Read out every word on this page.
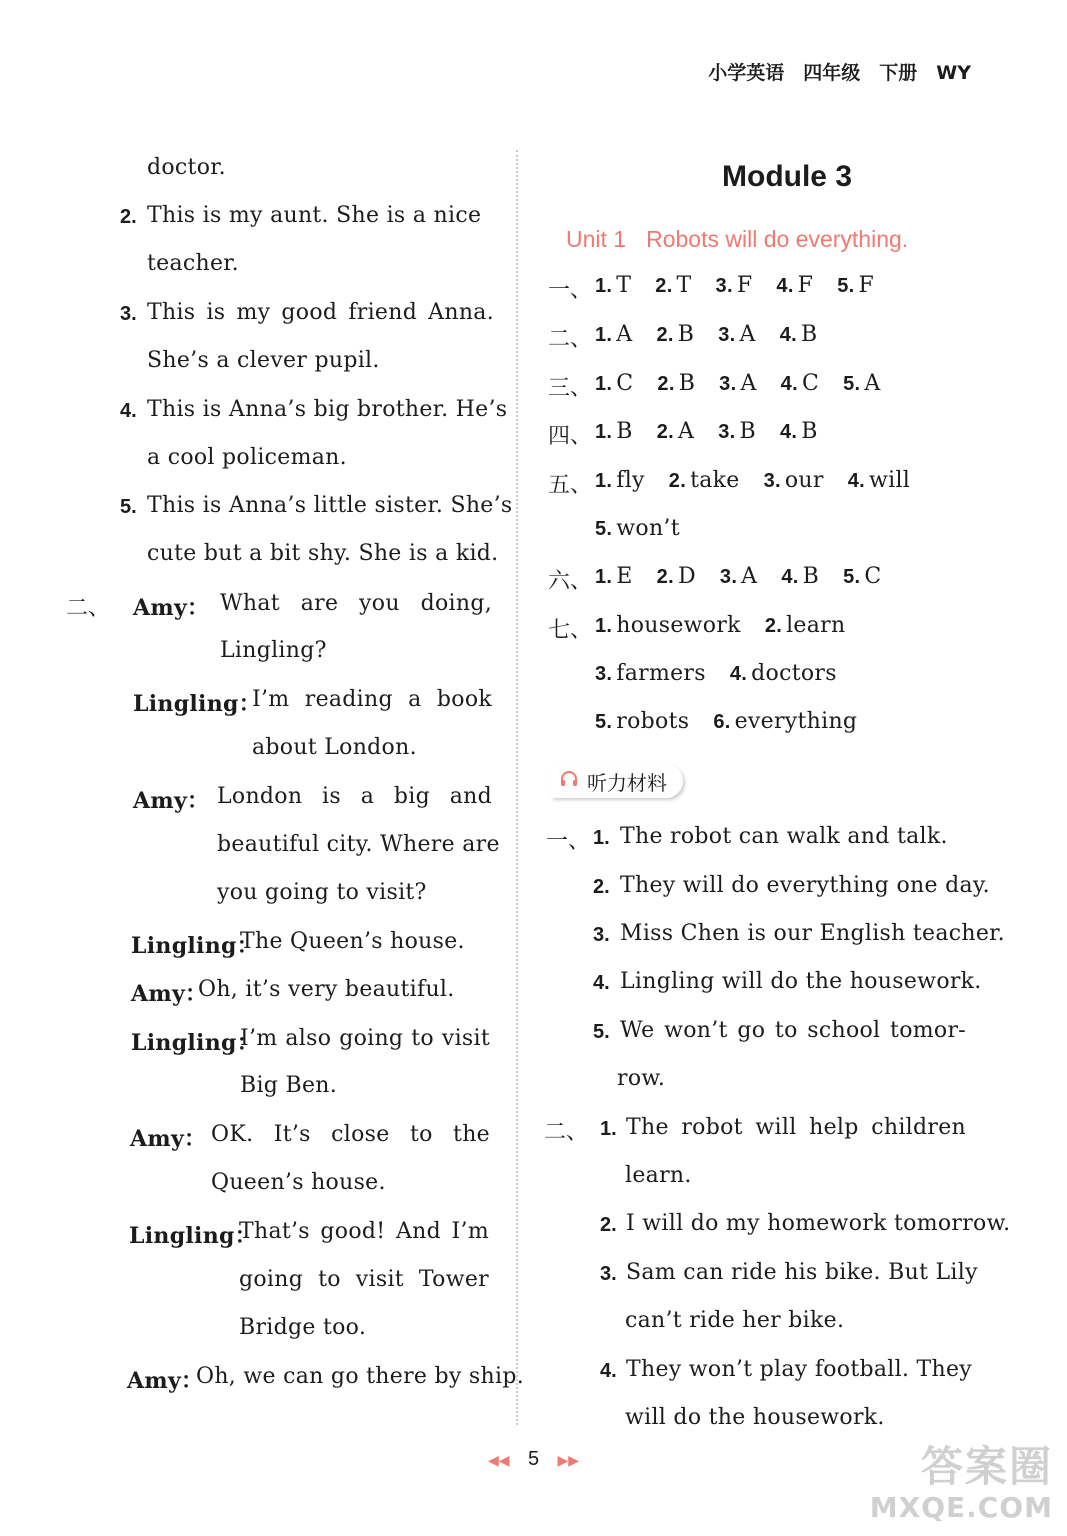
小学英语　四年级　下册　WY
doctor.
2. This is my aunt. She is a nice
teacher.
3. This is my good friend Anna.
She’s a clever pupil.
4. This is Anna’s big brother. He’s
a cool policeman.
5. This is Anna’s little sister. She’s
cute but a bit shy. She is a kid.
二、 Amy： What are you doing,
Lingling?
Lingling：
I’m reading a book
about London.
Amy： London is a big and
beautiful city. Where are
you going to visit?
Lingling：
The Queen’s house.
Amy：
Oh, it’s very beautiful.
Lingling：
I’m also going to visit
Big Ben.
Amy： OK. It’s close to the
Queen’s house.
Lingling：
That’s good! And I’m
going to visit Tower
Bridge too.
Amy：
Oh, we can go there by ship.
Module 3
Unit 1 Robots will do everything.
一、 1. T 2. T 3. F 4. F 5. F
二、 1. A 2. B 3. A 4. B
三、 1. C 2. B 3. A 4. C 5. A
四、 1. B 2. A 3. B 4. B
五、 1. fly 2. take 3. our 4. will
5. won’t
六、 1. E 2. D 3. A 4. B 5. C
七、 1. housework 2. learn
3. farmers 4. doctors
5. robots 6. everything
听力材料
一、 1. The robot can walk and talk.
2. They will do everything one day.
3. Miss Chen is our English teacher.
4. Lingling will do the housework.
5. We won’t go to school tomor-
row.
二、 1. The robot will help children
learn.
2. I will do my homework tomorrow.
3. Sam can ride his bike. But Lily
can’t ride her bike.
4. They won’t play football. They
will do the housework.
◀◀ 5 ▶▶	答案圈
MXQE.COM
